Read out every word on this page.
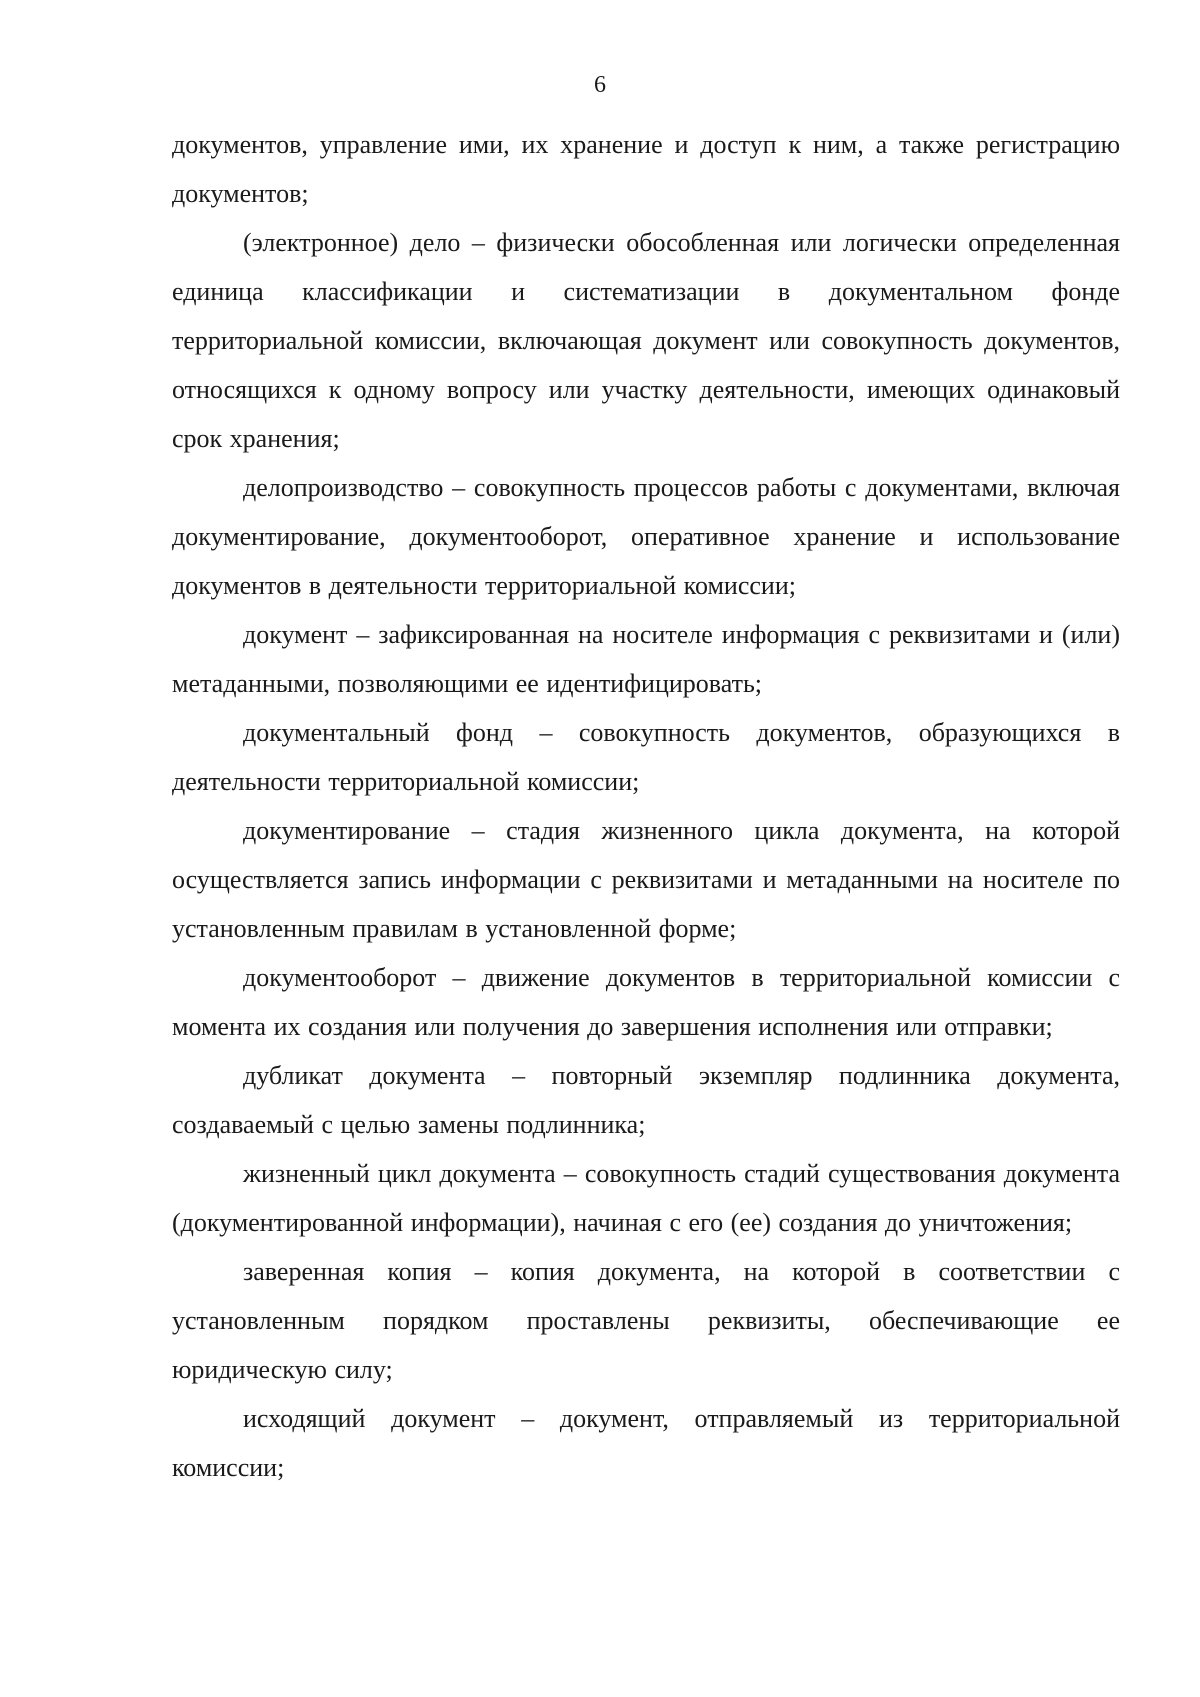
6

документов, управление ими, их хранение и доступ к ним, а также регистрацию документов;

(электронное) дело – физически обособленная или логически определенная единица классификации и систематизации в документальном фонде территориальной комиссии, включающая документ или совокупность документов, относящихся к одному вопросу или участку деятельности, имеющих одинаковый срок хранения;

делопроизводство – совокупность процессов работы с документами, включая документирование, документооборот, оперативное хранение и использование документов в деятельности территориальной комиссии;

документ – зафиксированная на носителе информация с реквизитами и (или) метаданными, позволяющими ее идентифицировать;

документальный фонд – совокупность документов, образующихся в деятельности территориальной комиссии;

документирование – стадия жизненного цикла документа, на которой осуществляется запись информации с реквизитами и метаданными на носителе по установленным правилам в установленной форме;

документооборот – движение документов в территориальной комиссии с момента их создания или получения до завершения исполнения или отправки;

дубликат документа – повторный экземпляр подлинника документа, создаваемый с целью замены подлинника;

жизненный цикл документа – совокупность стадий существования документа (документированной информации), начиная с его (ее) создания до уничтожения;

заверенная копия – копия документа, на которой в соответствии с установленным порядком проставлены реквизиты, обеспечивающие ее юридическую силу;

исходящий документ – документ, отправляемый из территориальной комиссии;
